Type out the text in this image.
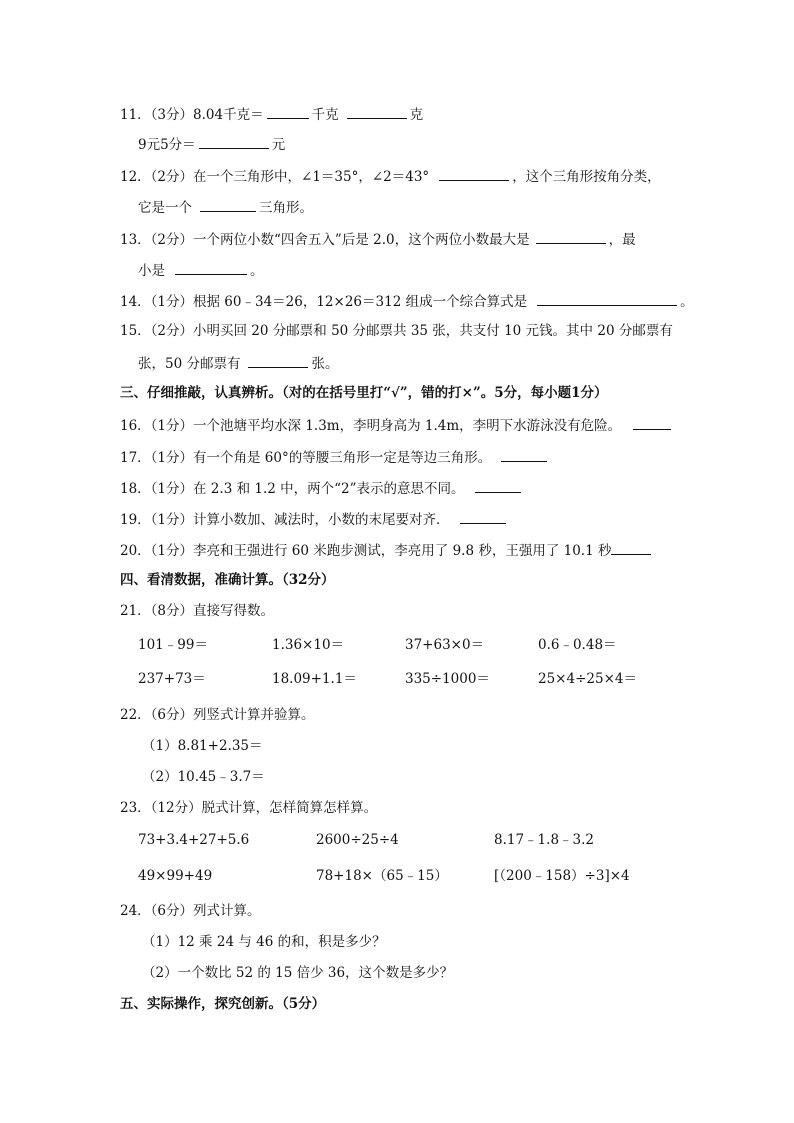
11．（3分）8.04千克＝	千克	克
9元5分＝	元
12．（2分）在一个三角形中，∠1＝35°，∠2＝43°	，这个三角形按角分类，
它是一个	三角形。
13．（2分）一个两位小数“四舍五入”后是 2.0，这个两位小数最大是	，最
小是	。
14．（1分）根据 60﹣34＝26，12×26＝312 组成一个综合算式是	。
15．（2分）小明买回 20 分邮票和 50 分邮票共 35 张，共支付 10 元钱。其中 20 分邮票有
张，50 分邮票有	张。
三、仔细推敲，认真辨析。（对的在括号里打“√”，错的打×”。5分，每小题1分）
16．（1分）一个池塘平均水深 1.3m，李明身高为 1.4m，李明下水游泳没有危险。
17．（1分）有一个角是 60°的等腰三角形一定是等边三角形。
18．（1分）在 2.3 和 1.2 中，两个“2”表示的意思不同。
19．（1分）计算小数加、减法时，小数的末尾要对齐．
20．（1分）李亮和王强进行 60 米跑步测试，李亮用了 9.8 秒，王强用了 10.1 秒
四、看清数据，准确计算。（32分）
21．（8分）直接写得数。
101﹣99＝	1.36×10＝	37+63×0＝	0.6﹣0.48＝
237+73＝	18.09+1.1＝	335÷1000＝	25×4÷25×4＝
22．（6分）列竖式计算并验算。
（1）8.81+2.35＝
（2）10.45﹣3.7＝
23．（12分）脱式计算，怎样简算怎样算。
73+3.4+27+5.6	2600÷25÷4	8.17﹣1.8﹣3.2
49×99+49	78+18×（65﹣15）	[（200﹣158）÷3]×4
24．（6分）列式计算。
（1）12 乘 24 与 46 的和，积是多少？
（2）一个数比 52 的 15 倍少 36，这个数是多少？
五、实际操作，探究创新。（5分）
